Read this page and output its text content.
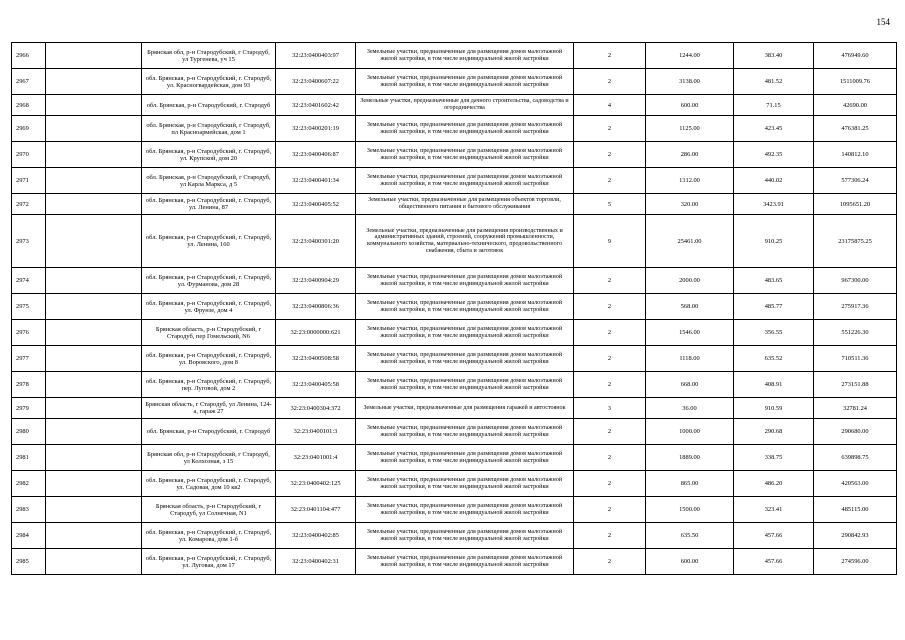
154
2966		Брянская обл, р-н Стародубский, г Стародуб, ул Тургенева, уч 15	32:23:0400403:97	Земельные участки, предназначенные для размещения домов малоэтажной жилой застройки, в том числе индивидуальной жилой застройки	2	1244.00	383.40	476949.60
2967		обл. Брянская, р-н Стародубский, г. Стародуб, ул. Красногвардейская, дом 93	32:23:0400607:22	Земельные участки, предназначенные для размещения домов малоэтажной жилой застройки, в том числе индивидуальной жилой застройки	2	3138.00	481.52	1511009.76
2968		обл. Брянская, р-н Стародубский, г. Стародуб	32:23:0401602:42	Земельные участки, предназначенные для дачного строительства, садоводства и огородничества	4	600.00	71.15	42690.00
2969		обл. Брянская, р-н Стародубский, г Стародуб, пл Красноармейская, дом 1	32:23:0400201:19	Земельные участки, предназначенные для размещения домов малоэтажной жилой застройки, в том числе индивидуальной жилой застройки	2	1125.00	423.45	476381.25
2970		обл. Брянская, р-н Стародубский, г. Стародуб, ул. Крупской, дом 20	32:23:0400406:87	Земельные участки, предназначенные для размещения домов малоэтажной жилой застройки, в том числе индивидуальной жилой застройки	2	286.00	492.35	140812.10
2971		обл. Брянская, р-н Стародубский, г Стародуб, ул Карла Маркса, д 5	32:23:0400401:34	Земельные участки, предназначенные для размещения домов малоэтажной жилой застройки, в том числе индивидуальной жилой застройки	2	1312.00	440.02	577306.24
2972		обл. Брянская, р-н Стародубский, г. Стародуб, ул. Ленина, 87	32:23:0400405:52	Земельные участки, предназначенные для размещения объектов торговли, общественного питания и бытового обслуживания	5	320.00	3423.91	1095651.20
2973		обл. Брянская, р-н Стародубский, г. Стародуб, ул. Ленина, 160	32:23:0400301:20	Земельные участки, предназначенные для размещения производственных и административных зданий, строений, сооружений промышленности, коммунального хозяйства, материально-технического, продовольственного снабжения, сбыта и заготовок	9	25461.00	910.25	23175875.25
2974		обл. Брянская, р-н Стародубский, г. Стародуб, ул. Фурманова, дом 28	32:23:0400904:29	Земельные участки, предназначенные для размещения домов малоэтажной жилой застройки, в том числе индивидуальной жилой застройки	2	2000.00	483.65	967300.00
2975		обл. Брянская, р-н Стародубский, г. Стародуб, ул. Фрунзе, дом 4	32:23:0400806:36	Земельные участки, предназначенные для размещения домов малоэтажной жилой застройки, в том числе индивидуальной жилой застройки	2	568.00	485.77	275917.36
2976		Брянская область, р-н Стародубский, г Стародуб, пер Гомельский, N6	32:23:0000000:621	Земельные участки, предназначенные для размещения домов малоэтажной жилой застройки, в том числе индивидуальной жилой застройки	2	1546.00	356.55	551226.30
2977		обл. Брянская, р-н Стародубский, г. Стародуб, ул. Воровского, дом 8	32:23:0400508:58	Земельные участки, предназначенные для размещения домов малоэтажной жилой застройки, в том числе индивидуальной жилой застройки	2	1118.00	635.52	710511.36
2978		обл. Брянская, р-н Стародубский, г. Стародуб, пер. Луговой, дом 2	32:23:0400405:58	Земельные участки, предназначенные для размещения домов малоэтажной жилой застройки, в том числе индивидуальной жилой застройки	2	668.00	408.91	273151.88
2979		Брянская область, г Стародуб, ул Ленина, 124-а, гараж 27	32:23:0400304:372	Земельные участки, предназначенные для размещения гаражей и автостоянок	3	36.00	910.59	32781.24
2980		обл. Брянская, р-н Стародубский, г. Стародуб	32:23:0400101:3	Земельные участки, предназначенные для размещения домов малоэтажной жилой застройки, в том числе индивидуальной жилой застройки	2	1000.00	290.68	290680.00
2981		Брянская обл, р-н Стародубский, г Стародуб, ул Колхозная, з 15	32:23:0401001:4	Земельные участки, предназначенные для размещения домов малоэтажной жилой застройки, в том числе индивидуальной жилой застройки	2	1889.00	338.75	639898.75
2982		обл. Брянская, р-н Стародубский, г. Стародуб, ул. Садовая, дом 10 кв2	32:23:0400402:125	Земельные участки, предназначенные для размещения домов малоэтажной жилой застройки, в том числе индивидуальной жилой застройки	2	865.00	486.20	420563.00
2983		Брянская область, р-н Стародубский, г Стародуб, ул Солнечная, N1	32:23:0401104:477	Земельные участки, предназначенные для размещения домов малоэтажной жилой застройки, в том числе индивидуальной жилой застройки	2	1500.00	323.41	485115.00
2984		обл. Брянская, р-н Стародубский, г. Стародуб, ул. Комарова, дом 1-б	32:23:0400402:85	Земельные участки, предназначенные для размещения домов малоэтажной жилой застройки, в том числе индивидуальной жилой застройки	2	635.50	457.66	290842.93
2985		обл. Брянская, р-н Стародубский, г. Стародуб, ул. Луговая, дом 17	32:23:0400402:31	Земельные участки, предназначенные для размещения домов малоэтажной жилой застройки, в том числе индивидуальной жилой застройки	2	600.00	457.66	274596.00
